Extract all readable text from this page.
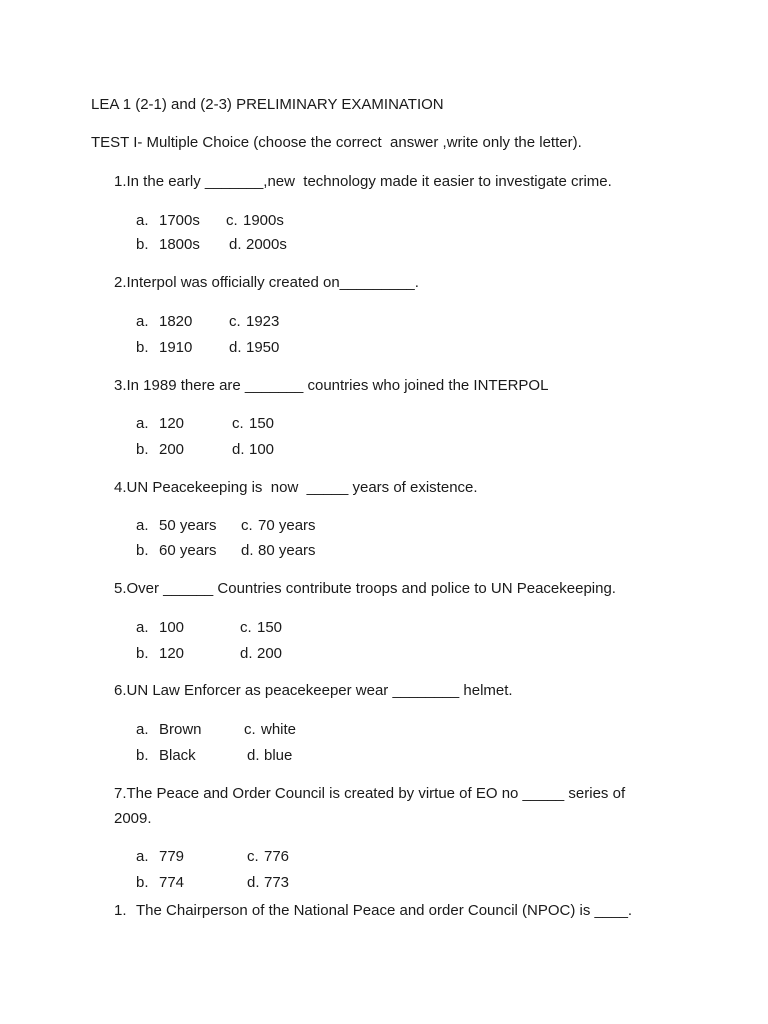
LEA 1 (2-1) and (2-3) PRELIMINARY EXAMINATION
TEST I- Multiple Choice (choose the correct  answer ,write only the letter).
1.In the early _______,new  technology made it easier to investigate crime.
a. 1700s c. 1900s
b. 1800s d. 2000s
2.Interpol was officially created on_________.
a. 1820 c. 1923
b. 1910 d. 1950
3.In 1989 there are _______ countries who joined the INTERPOL
a. 120	c. 150
b. 200	d. 100
4.UN Peacekeeping is  now  _____ years of existence.
a. 50 years c. 70 years
b. 60 years d. 80 years
5.Over ______ Countries contribute troops and police to UN Peacekeeping.
a. 100	c. 150
b. 120	d. 200
6.UN Law Enforcer as peacekeeper wear ________ helmet.
a. Brown	c. white
b. Black	d. blue
7.The Peace and Order Council is created by virtue of EO no _____ series of
2009.
a. 779	c. 776
b. 774	d. 773
1. The Chairperson of the National Peace and order Council (NPOC) is ____.
